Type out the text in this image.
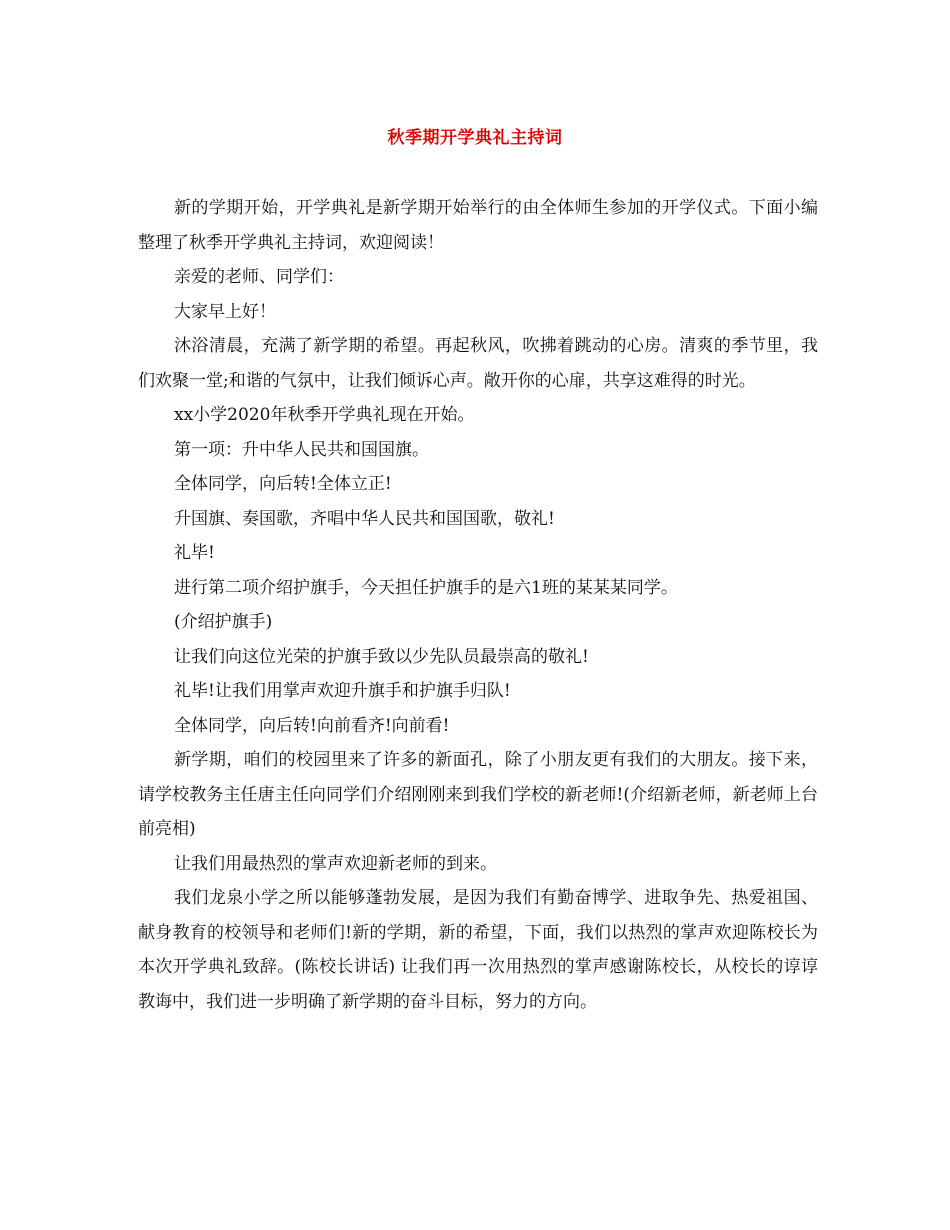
秋季期开学典礼主持词

新的学期开始，开学典礼是新学期开始举行的由全体师生参加的开学仪式。下面小编整理了秋季开学典礼主持词，欢迎阅读！

亲爱的老师、同学们：

大家早上好！

沐浴清晨，充满了新学期的希望。再起秋风，吹拂着跳动的心房。清爽的季节里，我们欢聚一堂;和谐的气氛中，让我们倾诉心声。敞开你的心扉，共享这难得的时光。

xx小学2020年秋季开学典礼现在开始。

第一项：升中华人民共和国国旗。

全体同学，向后转!全体立正!

升国旗、奏国歌，齐唱中华人民共和国国歌，敬礼!

礼毕!

进行第二项介绍护旗手，今天担任护旗手的是六1班的某某某同学。

(介绍护旗手)

让我们向这位光荣的护旗手致以少先队员最崇高的敬礼!

礼毕!让我们用掌声欢迎升旗手和护旗手归队!

全体同学，向后转!向前看齐!向前看!

新学期，咱们的校园里来了许多的新面孔，除了小朋友更有我们的大朋友。接下来，请学校教务主任唐主任向同学们介绍刚刚来到我们学校的新老师!(介绍新老师，新老师上台前亮相)

让我们用最热烈的掌声欢迎新老师的到来。

我们龙泉小学之所以能够蓬勃发展，是因为我们有勤奋博学、进取争先、热爱祖国、献身教育的校领导和老师们!新的学期，新的希望，下面，我们以热烈的掌声欢迎陈校长为本次开学典礼致辞。(陈校长讲话) 让我们再一次用热烈的掌声感谢陈校长，从校长的谆谆教诲中，我们进一步明确了新学期的奋斗目标，努力的方向。
